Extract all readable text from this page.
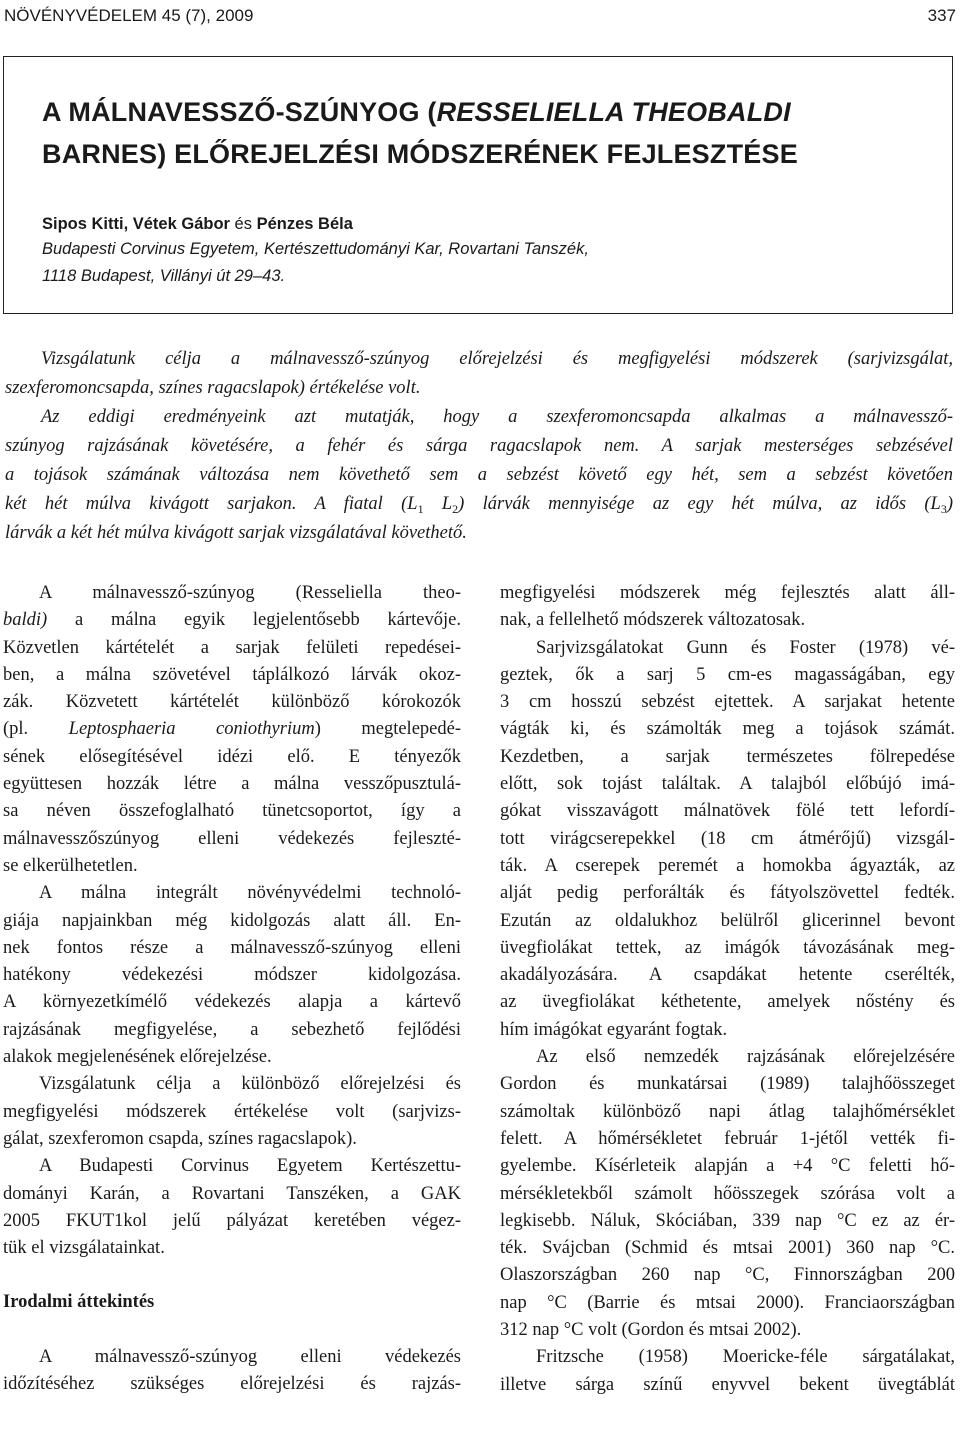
NÖVÉNYVÉDELEM 45 (7), 2009	337
A MÁLNAVESSZŐ-SZÚNYOG (RESSELIELLA THEOBALDI
BARNES) ELŐREJELZÉSI MÓDSZERÉNEK FEJLESZTÉSE
Sipos Kitti, Vétek Gábor és Pénzes Béla
Budapesti Corvinus Egyetem, Kertészettudományi Kar, Rovartani Tanszék,
1118 Budapest, Villányi út 29–43.
Vizsgálatunk célja a málnavessző-szúnyog előrejelzési és megfigyelési módszerek (sarjvizsgálat,
szexferomoncsapda, színes ragacslapok) értékelése volt.
Az eddigi eredményeink azt mutatják, hogy a szexferomoncsapda alkalmas a málnavessző-
szúnyog rajzásának követésére, a fehér és sárga ragacslapok nem. A sarjak mesterséges sebzésével
a tojások számának változása nem követhető sem a sebzést követő egy hét, sem a sebzést követően
két hét múlva kivágott sarjakon. A fiatal ($L_1$ $L_2$) lárvák mennyisége az egy hét múlva, az idős $(L_3)$
lárvák a két hét múlva kivágott sarjak vizsgálatával követhető.
A málnavessző-szúnyog (Resseliella theo-
baldi) a málna egyik legjelentősebb kártevője.
Közvetlen kártételét a sarjak felületi repedései-
ben, a málna szövetével táplálkozó lárvák okoz-
zák. Közvetett kártételét különböző kórokozók
(pl. Leptosphaeria coniothyrium) megtelepedé-
sének elősegítésével idézi elő. E tényezők
együttesen hozzák létre a málna vesszőpusztulá-
sa néven összefoglalható tünetcsoportot, így a
málnavesszőszúnyog elleni védekezés fejleszté-
se elkerülhetetlen.
A málna integrált növényvédelmi technoló-
giája napjainkban még kidolgozás alatt áll. En-
nek fontos része a málnavessző-szúnyog elleni
hatékony védekezési módszer kidolgozása.
A környezetkímélő védekezés alapja a kártevő
rajzásának megfigyelése, a sebezhető fejlődési
alakok megjelenésének előrejelzése.
Vizsgálatunk célja a különböző előrejelzési és
megfigyelési módszerek értékelése volt (sarjvizs-
gálat, szexferomon csapda, színes ragacslapok).
A Budapesti Corvinus Egyetem Kertészettu-
dományi Karán, a Rovartani Tanszéken, a GAK
2005 FKUT1kol jelű pályázat keretében végez-
tük el vizsgálatainkat.
Irodalmi áttekintés
A málnavessző-szúnyog elleni védekezés
időzítéséhez szükséges előrejelzési és rajzás-
megfigyelési módszerek még fejlesztés alatt áll-
nak, a fellelhető módszerek változatosak.
Sarjvizsgálatokat Gunn és Foster (1978) vé-
geztek, ők a sarj 5 cm-es magasságában, egy
3 cm hosszú sebzést ejtettek. A sarjakat hetente
vágták ki, és számolták meg a tojások számát.
Kezdetben, a sarjak természetes fölrepedése
előtt, sok tojást találtak. A talajból előbújó imá-
gókat visszavágott málnatövek fölé tett lefordí-
tott virágcserepekkel (18 cm átmérőjű) vizsgál-
ták. A cserepek peremét a homokba ágyazták, az
alját pedig perforálták és fátyolszövettel fedték.
Ezután az oldalukhoz belülről glicerinnel bevont
üvegfiolákat tettek, az imágók távozásának meg-
akadályozására. A csapdákat hetente cserélték,
az üvegfiolákat kéthetente, amelyek nőstény és
hím imágókat egyaránt fogtak.
Az első nemzedék rajzásának előrejelzésére
Gordon és munkatársai (1989) talajhőösszeget
számoltak különböző napi átlag talajhőmérséklet
felett. A hőmérsékletet február 1-jétől vették fi-
gyelembe. Kísérleteik alapján a +4 °C feletti hő-
mérsékletekből számolt hőösszegek szórása volt a
legkisebb. Náluk, Skóciában, 339 nap °C ez az ér-
ték. Svájcban (Schmid és mtsai 2001) 360 nap °C.
Olaszországban 260 nap °C, Finnországban 200
nap °C (Barrie és mtsai 2000). Franciaországban
312 nap °C volt (Gordon és mtsai 2002).
Fritzsche (1958) Moericke-féle sárgatálakat,
illetve sárga színű enyvvel bekent üvegtáblát
